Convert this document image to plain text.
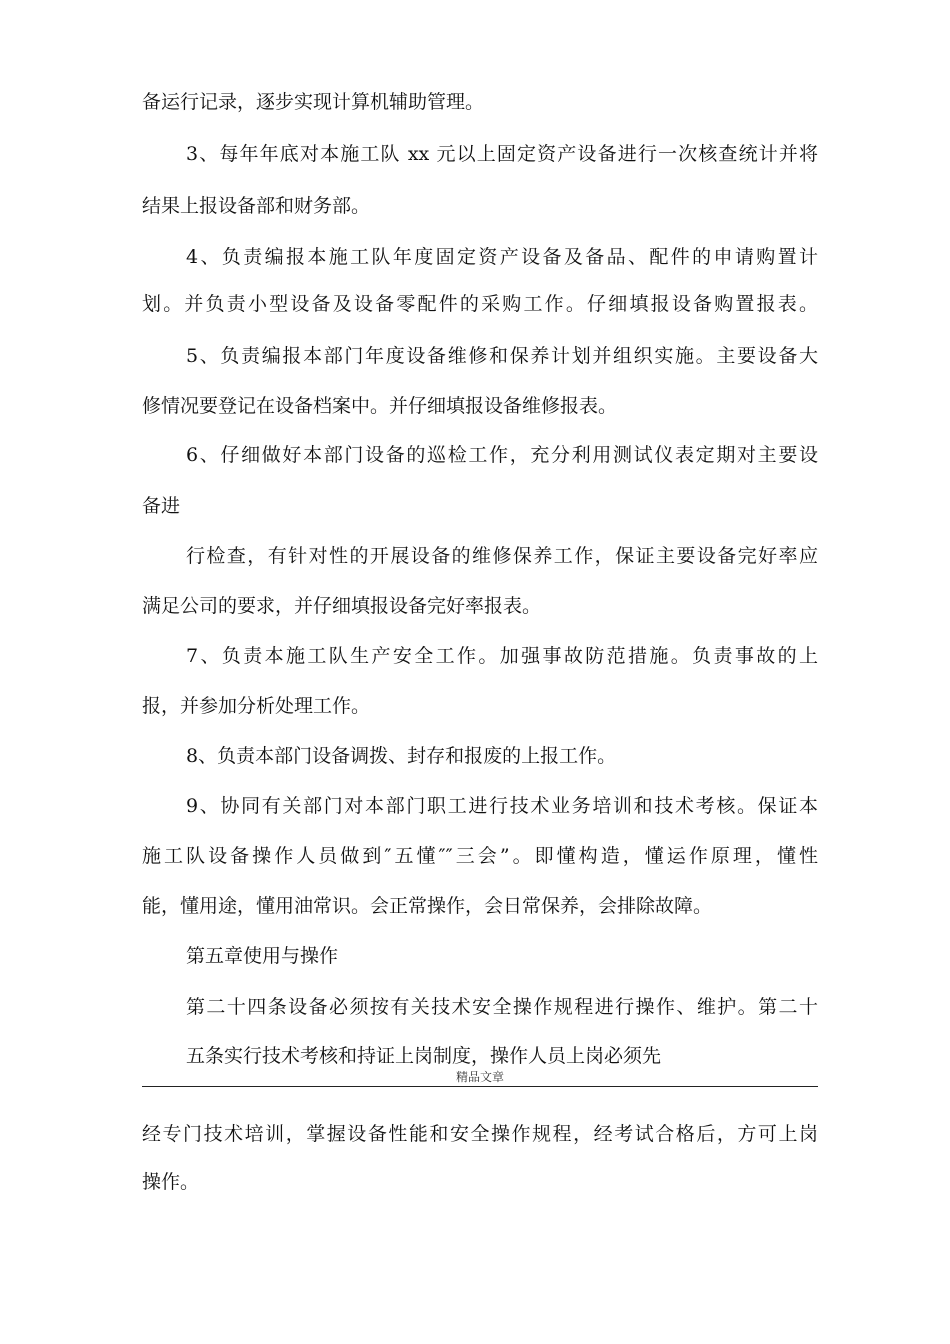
备运行记录，逐步实现计算机辅助管理。
3、每年年底对本施工队 xx 元以上固定资产设备进行一次核查统计并将
结果上报设备部和财务部。
4、负责编报本施工队年度固定资产设备及备品、配件的申请购置计
划。并负责小型设备及设备零配件的采购工作。仔细填报设备购置报表。
5、负责编报本部门年度设备维修和保养计划并组织实施。主要设备大
修情况要登记在设备档案中。并仔细填报设备维修报表。
6、仔细做好本部门设备的巡检工作，充分利用测试仪表定期对主要设
备进
行检查，有针对性的开展设备的维修保养工作，保证主要设备完好率应
满足公司的要求，并仔细填报设备完好率报表。
7、负责本施工队生产安全工作。加强事故防范措施。负责事故的上
报，并参加分析处理工作。
8、负责本部门设备调拨、封存和报废的上报工作。
9、协同有关部门对本部门职工进行技术业务培训和技术考核。保证本
施工队设备操作人员做到″五懂″″三会”。即懂构造，懂运作原理，懂性
能，懂用途，懂用油常识。会正常操作，会日常保养，会排除故障。
第五章使用与操作
第二十四条设备必须按有关技术安全操作规程进行操作、维护。第二十
五条实行技术考核和持证上岗制度，操作人员上岗必须先
精品文章
经专门技术培训，掌握设备性能和安全操作规程，经考试合格后，方可上岗
操作。
